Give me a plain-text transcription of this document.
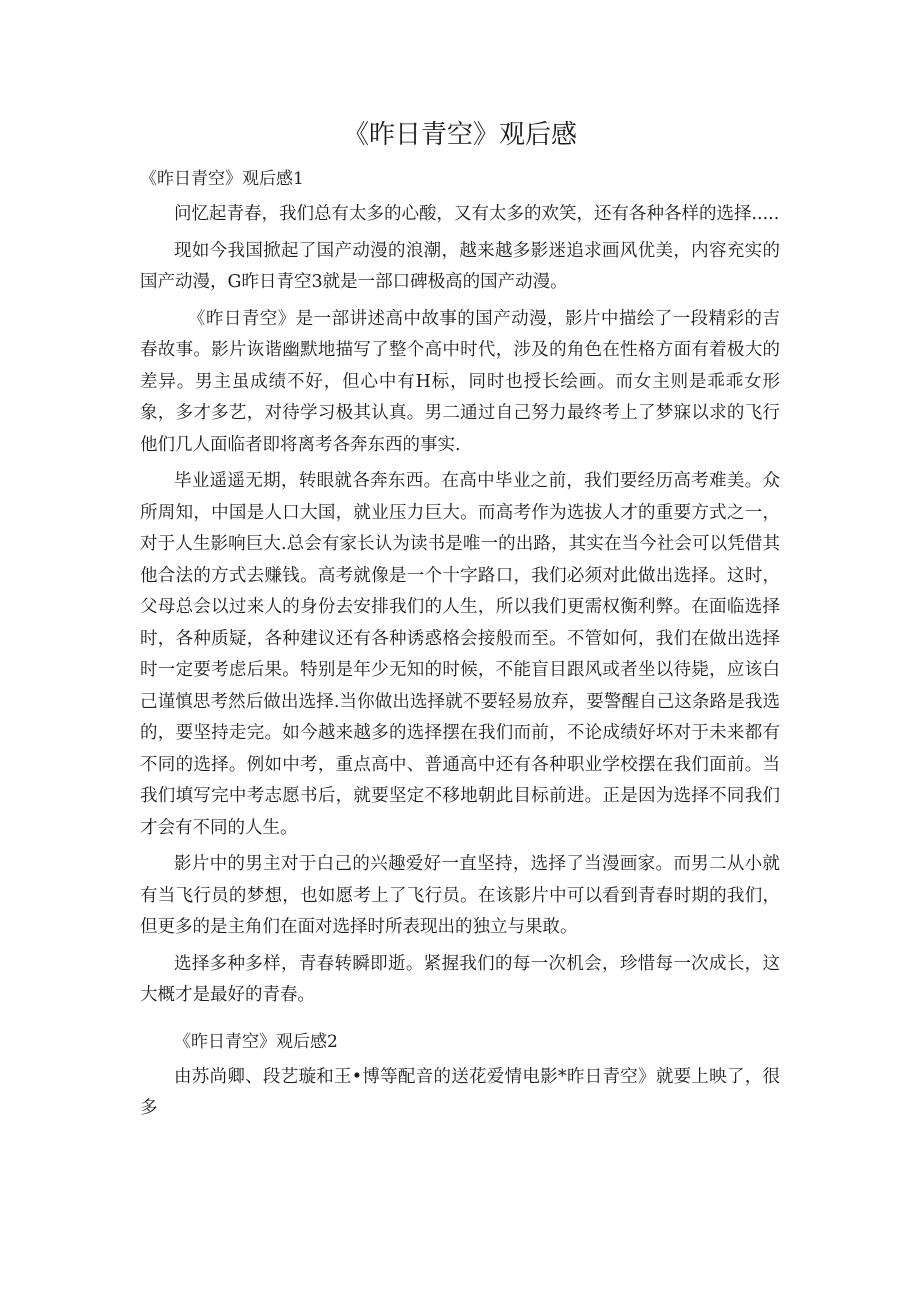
《昨日青空》观后感
《昨日青空》观后感1

问忆起青春，我们总有太多的心酸，又有太多的欢笑，还有各种各样的选择.....

现如今我国掀起了国产动漫的浪潮，越来越多影迷追求画风优美，内容充实的国产动漫，G昨日青空3就是一部口碑极高的国产动漫。

《昨日青空》是一部讲述高中故事的国产动漫，影片中描绘了一段精彩的吉春故事。影片诙谐幽默地描写了整个高中时代，涉及的角色在性格方面有着极大的差异。男主虽成绩不好，但心中有H标，同时也授长绘画。而女主则是乖乖女形象，多才多艺，对待学习极其认真。男二通过自己努力最终考上了梦寐以求的飞行他们几人面临者即将离考各奔东西的事实.

毕业遥遥无期，转眼就各奔东西。在高中毕业之前，我们要经历高考难美。众所周知，中国是人口大国，就业压力巨大。而高考作为选拔人才的重要方式之一，对于人生影响巨大.总会有家长认为读书是唯一的出路，其实在当今社会可以凭借其他合法的方式去赚钱。高考就像是一个十字路口，我们必须对此做出选择。这时，父母总会以过来人的身份去安排我们的人生，所以我们更需权衡利弊。在面临选择时，各种质疑，各种建议还有各种诱惑格会接般而至。不管如何，我们在做出选择时一定要考虑后果。特别是年少无知的时候，不能盲目跟风或者坐以待毙，应该白己谨慎思考然后做出选择.当你做出选择就不要轻易放弃，要警醒自己这条路是我选的，要坚持走完。如今越来越多的选择摆在我们而前，不论成绩好坏对于未来都有不同的选择。例如中考，重点高中、普通高中还有各种职业学校摆在我们面前。当我们填写完中考志愿书后，就要坚定不移地朝此目标前进。正是因为选择不同我们才会有不同的人生。

影片中的男主对于白己的兴趣爱好一直坚持，选择了当漫画家。而男二从小就有当飞行员的梦想，也如愿考上了飞行员。在该影片中可以看到青春时期的我们，但更多的是主角们在面对选择时所表现出的独立与果敢。

选择多种多样，青春转瞬即逝。紧握我们的每一次机会，珍惜每一次成长，这大概才是最好的青春。

《昨日青空》观后感2

由苏尚卿、段艺璇和王•博等配音的送花爱情电影*昨日青空》就要上映了，很多
